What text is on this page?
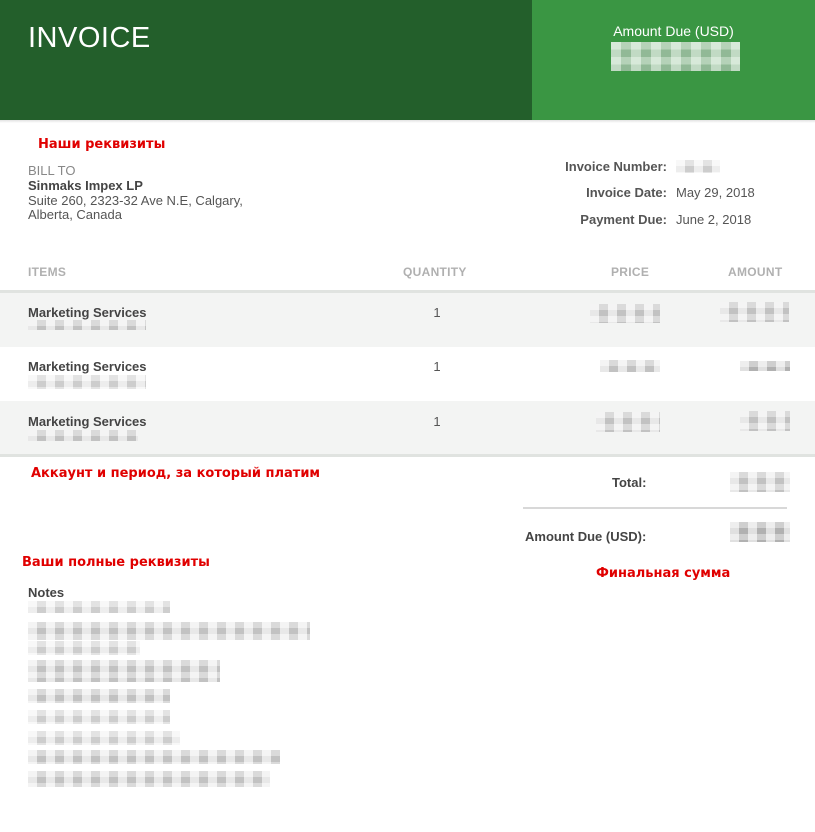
INVOICE	Amount Due (USD)
Наши реквизиты
BILL TO
Sinmaks Impex LP
Suite 260, 2323-32 Ave N.E, Calgary,
Alberta, Canada
Invoice Number:
Invoice Date: May 29, 2018
Payment Due: June 2, 2018
ITEMS	QUANTITY	PRICE	AMOUNT
Marketing Services	1
Marketing Services	1
Marketing Services	1
Аккаунт и период, за который платим
Total:
Amount Due (USD):
Ваши полные реквизиты
Финальная сумма
Notes
